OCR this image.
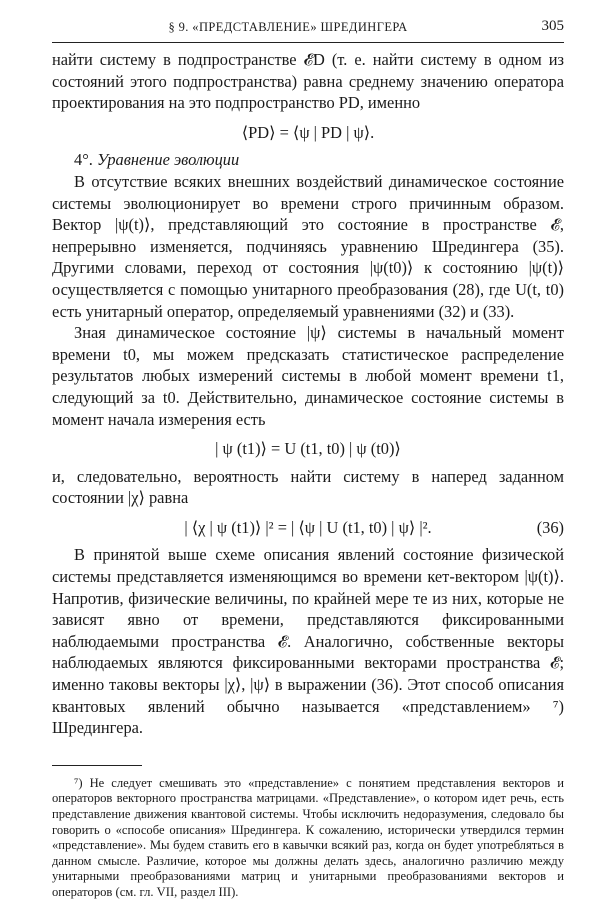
§ 9. «ПРЕДСТАВЛЕНИЕ» ШРЕДИНГЕРА	305

найти систему в подпространстве 𝓔D (т. е. найти систему в одном из состояний этого подпространства) равна среднему значению оператора проектирования на это подпространство PD, именно

⟨PD⟩ = ⟨ψ | PD | ψ⟩.
4°. Уравнение эволюции

В отсутствие всяких внешних воздействий динамическое состояние системы эволюционирует во времени строго причинным образом. Вектор |ψ(t)⟩, представляющий это состояние в пространстве 𝓔, непрерывно изменяется, подчиняясь уравнению Шредингера (35). Другими словами, переход от состояния |ψ(t0)⟩ к состоянию |ψ(t)⟩ осуществляется с помощью унитарного преобразования (28), где U(t, t0) есть унитарный оператор, определяемый уравнениями (32) и (33).

Зная динамическое состояние |ψ⟩ системы в начальный момент времени t0, мы можем предсказать статистическое распределение результатов любых измерений системы в любой момент времени t1, следующий за t0. Действительно, динамическое состояние системы в момент начала измерения есть

| ψ (t1)⟩ = U (t1, t0) | ψ (t0)⟩

и, следовательно, вероятность найти систему в наперед заданном состоянии |χ⟩ равна

| ⟨χ | ψ (t1)⟩ |² = | ⟨ψ | U (t1, t0) | ψ⟩ |².	(36)

В принятой выше схеме описания явлений состояние физической системы представляется изменяющимся во времени кет-вектором |ψ(t)⟩. Напротив, физические величины, по крайней мере те из них, которые не зависят явно от времени, представляются фиксированными наблюдаемыми пространства 𝓔. Аналогично, собственные векторы наблюдаемых являются фиксированными векторами пространства 𝓔; именно таковы векторы |χ⟩, |ψ⟩ в выражении (36). Этот способ описания квантовых явлений обычно называется «представлением» ⁷) Шредингера.

⁷) Не следует смешивать это «представление» с понятием представления векторов и операторов векторного пространства матрицами. «Представление», о котором идет речь, есть представление движения квантовой системы. Чтобы исключить недоразумения, следовало бы говорить о «способе описания» Шредингера. К сожалению, исторически утвердился термин «представление». Мы будем ставить его в кавычки всякий раз, когда он будет употребляться в данном смысле. Различие, которое мы должны делать здесь, аналогично различию между унитарными преобразованиями матриц и унитарными преобразованиями векторов и операторов (см. гл. VII, раздел III).
